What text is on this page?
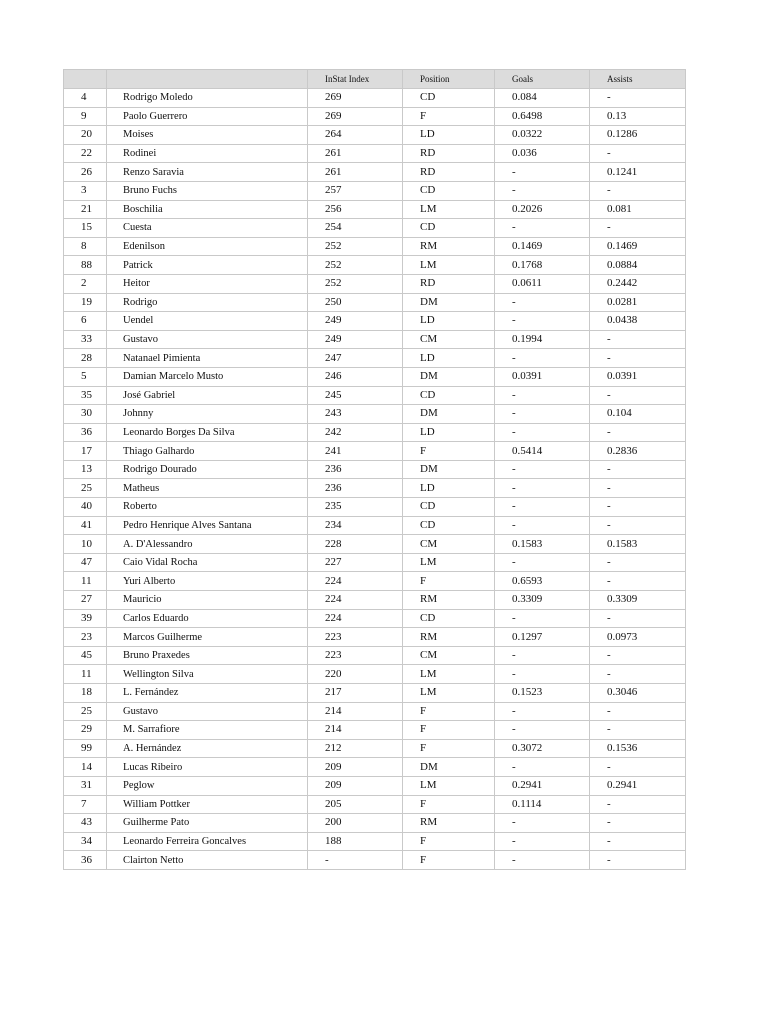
		InStat Index	Position	Goals	Assists
4	Rodrigo Moledo	269	CD	0.084	-
9	Paolo Guerrero	269	F	0.6498	0.13
20	Moises	264	LD	0.0322	0.1286
22	Rodinei	261	RD	0.036	-
26	Renzo Saravia	261	RD	-	0.1241
3	Bruno Fuchs	257	CD	-	-
21	Boschilia	256	LM	0.2026	0.081
15	Cuesta	254	CD	-	-
8	Edenilson	252	RM	0.1469	0.1469
88	Patrick	252	LM	0.1768	0.0884
2	Heitor	252	RD	0.0611	0.2442
19	Rodrigo	250	DM	-	0.0281
6	Uendel	249	LD	-	0.0438
33	Gustavo	249	CM	0.1994	-
28	Natanael Pimienta	247	LD	-	-
5	Damian Marcelo Musto	246	DM	0.0391	0.0391
35	José Gabriel	245	CD	-	-
30	Johnny	243	DM	-	0.104
36	Leonardo Borges Da Silva	242	LD	-	-
17	Thiago Galhardo	241	F	0.5414	0.2836
13	Rodrigo Dourado	236	DM	-	-
25	Matheus	236	LD	-	-
40	Roberto	235	CD	-	-
41	Pedro Henrique Alves Santana	234	CD	-	-
10	A. D'Alessandro	228	CM	0.1583	0.1583
47	Caio Vidal Rocha	227	LM	-	-
11	Yuri Alberto	224	F	0.6593	-
27	Mauricio	224	RM	0.3309	0.3309
39	Carlos Eduardo	224	CD	-	-
23	Marcos Guilherme	223	RM	0.1297	0.0973
45	Bruno Praxedes	223	CM	-	-
11	Wellington Silva	220	LM	-	-
18	L. Fernández	217	LM	0.1523	0.3046
25	Gustavo	214	F	-	-
29	M. Sarrafiore	214	F	-	-
99	A. Hernández	212	F	0.3072	0.1536
14	Lucas Ribeiro	209	DM	-	-
31	Peglow	209	LM	0.2941	0.2941
7	William Pottker	205	F	0.1114	-
43	Guilherme Pato	200	RM	-	-
34	Leonardo Ferreira Goncalves	188	F	-	-
36	Clairton Netto	-	F	-	-
